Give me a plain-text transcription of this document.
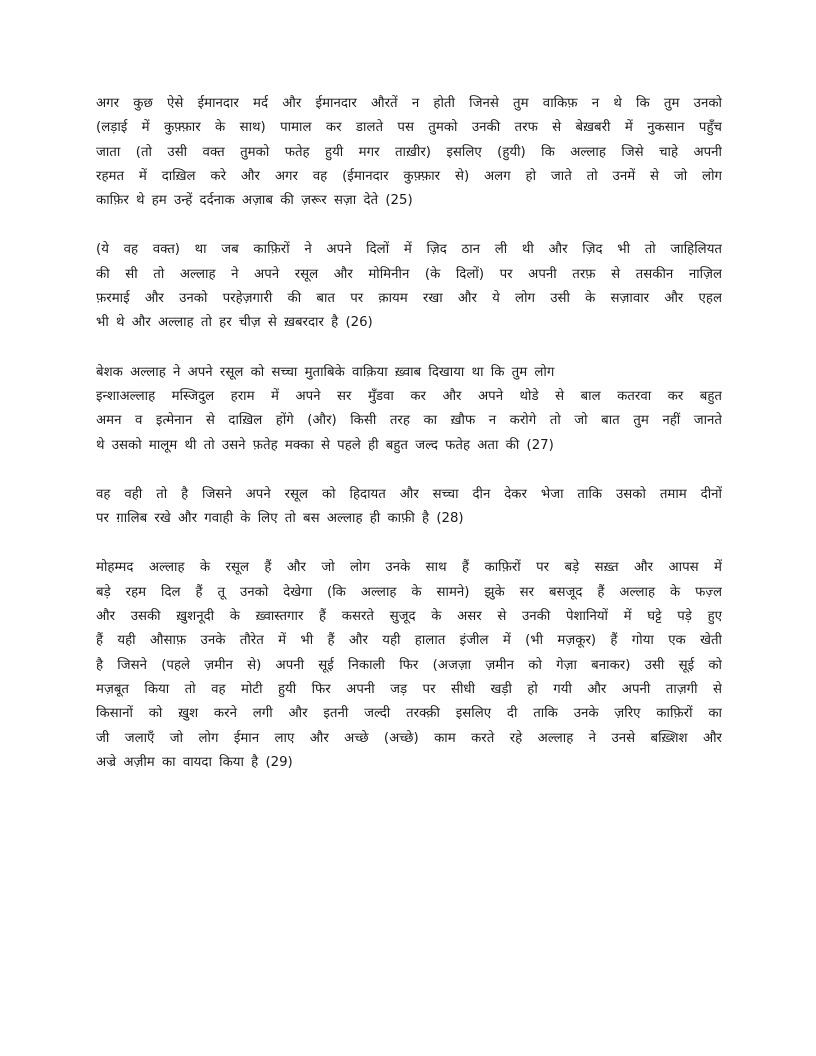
अगर कुछ ऐसे ईमानदार मर्द और ईमानदार औरतें न होती जिनसे तुम वाकिफ़ न थे कि तुम उनको
(लड़ाई में कुफ़्फ़ार के साथ) पामाल कर डालते पस तुमको उनकी तरफ से बेख़बरी में नुकसान पहुँच
जाता (तो उसी वक्त तुमको फतेह हुयी मगर ताख़ीर) इसलिए (हुयी) कि अल्लाह जिसे चाहे अपनी
रहमत में दाख़िल करे और अगर वह (ईमानदार कुफ़्फ़ार से) अलग हो जाते तो उनमें से जो लोग
काफ़िर थे हम उन्हें दर्दनाक अज़ाब की ज़रूर सज़ा देते (25)

(ये वह वक्त) था जब काफ़िरों ने अपने दिलों में ज़िद ठान ली थी और ज़िद भी तो जाहिलियत
की सी तो अल्लाह ने अपने रसूल और मोमिनीन (के दिलों) पर अपनी तरफ़ से तसकीन नाज़िल
फ़रमाई और उनको परहेज़गारी की बात पर क़ायम रखा और ये लोग उसी के सज़ावार और एहल
भी थे और अल्लाह तो हर चीज़ से ख़बरदार है (26)

बेशक अल्लाह ने अपने रसूल को सच्चा मुताबिके वाक़िया ख़्वाब दिखाया था कि तुम लोग
इन्शाअल्लाह मस्जिदुल हराम में अपने सर मुँडवा कर और अपने थोडे से बाल कतरवा कर बहुत
अमन व इत्मेनान से दाख़िल होंगे (और) किसी तरह का ख़ौफ न करोगे तो जो बात तुम नहीं जानते
थे उसको मालूम थी तो उसने फ़तेह मक्का से पहले ही बहुत जल्द फतेह अता की (27)

वह वही तो है जिसने अपने रसूल को हिदायत और सच्चा दीन देकर भेजा ताकि उसको तमाम दीनों
पर ग़ालिब रखे और गवाही के लिए तो बस अल्लाह ही काफ़ी है (28)

मोहम्मद अल्लाह के रसूल हैं और जो लोग उनके साथ हैं काफ़िरों पर बड़े सख़्त और आपस में
बड़े रहम दिल हैं तू उनको देखेगा (कि अल्लाह के सामने) झुके सर बसजूद हैं अल्लाह के फज़्ल
और उसकी ख़ुशनूदी के ख़्वास्तगार हैं कसरते सुजूद के असर से उनकी पेशानियों में घट्टे पड़े हुए
हैं यही औसाफ़ उनके तौरेत में भी हैं और यही हालात इंजील में (भी मज़कूर) हैं गोया एक खेती
है जिसने (पहले ज़मीन से) अपनी सूई निकाली फिर (अजज़ा ज़मीन को गेज़ा बनाकर) उसी सूई को
मज़बूत किया तो वह मोटी हुयी फिर अपनी जड़ पर सीधी खड़ी हो गयी और अपनी ताज़गी से
किसानों को ख़ुश करने लगी और इतनी जल्दी तरक्क़ी इसलिए दी ताकि उनके ज़रिए काफ़िरों का
जी जलाएँ जो लोग ईमान लाए और अच्छे (अच्छे) काम करते रहे अल्लाह ने उनसे बख़्शिश और
अज्रे अज़ीम का वायदा किया है (29)
